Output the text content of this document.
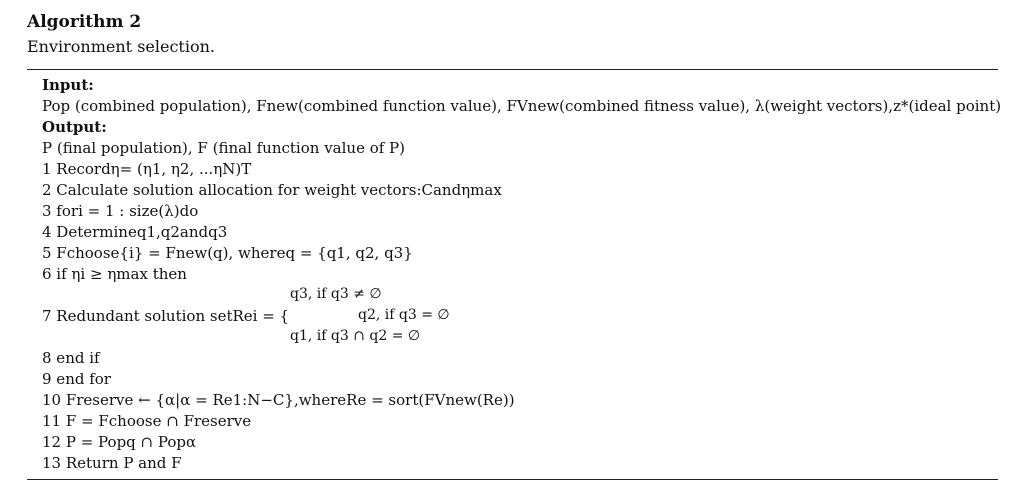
Algorithm 2
Environment selection.
Input:
Pop (combined population), Fnew(combined function value), FVnew(combined fitness value), λ(weight vectors),z*(ideal point)
Output:
P (final population), F (final function value of P)
1 Recordη= (η1, η2, ...ηN)T
2 Calculate solution allocation for weight vectors:Candηmax
3 fori = 1 : size(λ)do
4 Determineq1,q2andq3
5 Fchoose{i} = Fnew(q), whereq = {q1, q2, q3}
6 if ηi ≥ ηmax then
q3, if q3 ≠ ∅
7 Redundant solution setRei = {
q1, if q3 ∩ q2 = ∅
q2, if q3 = ∅
8 end if
9 end for
10 Freserve ← {α|α = Re1:N−C},whereRe = sort(FVnew(Re))
11 F = Fchoose ∩ Freserve
12 P = Popq ∩ Popα
13 Return P and F
